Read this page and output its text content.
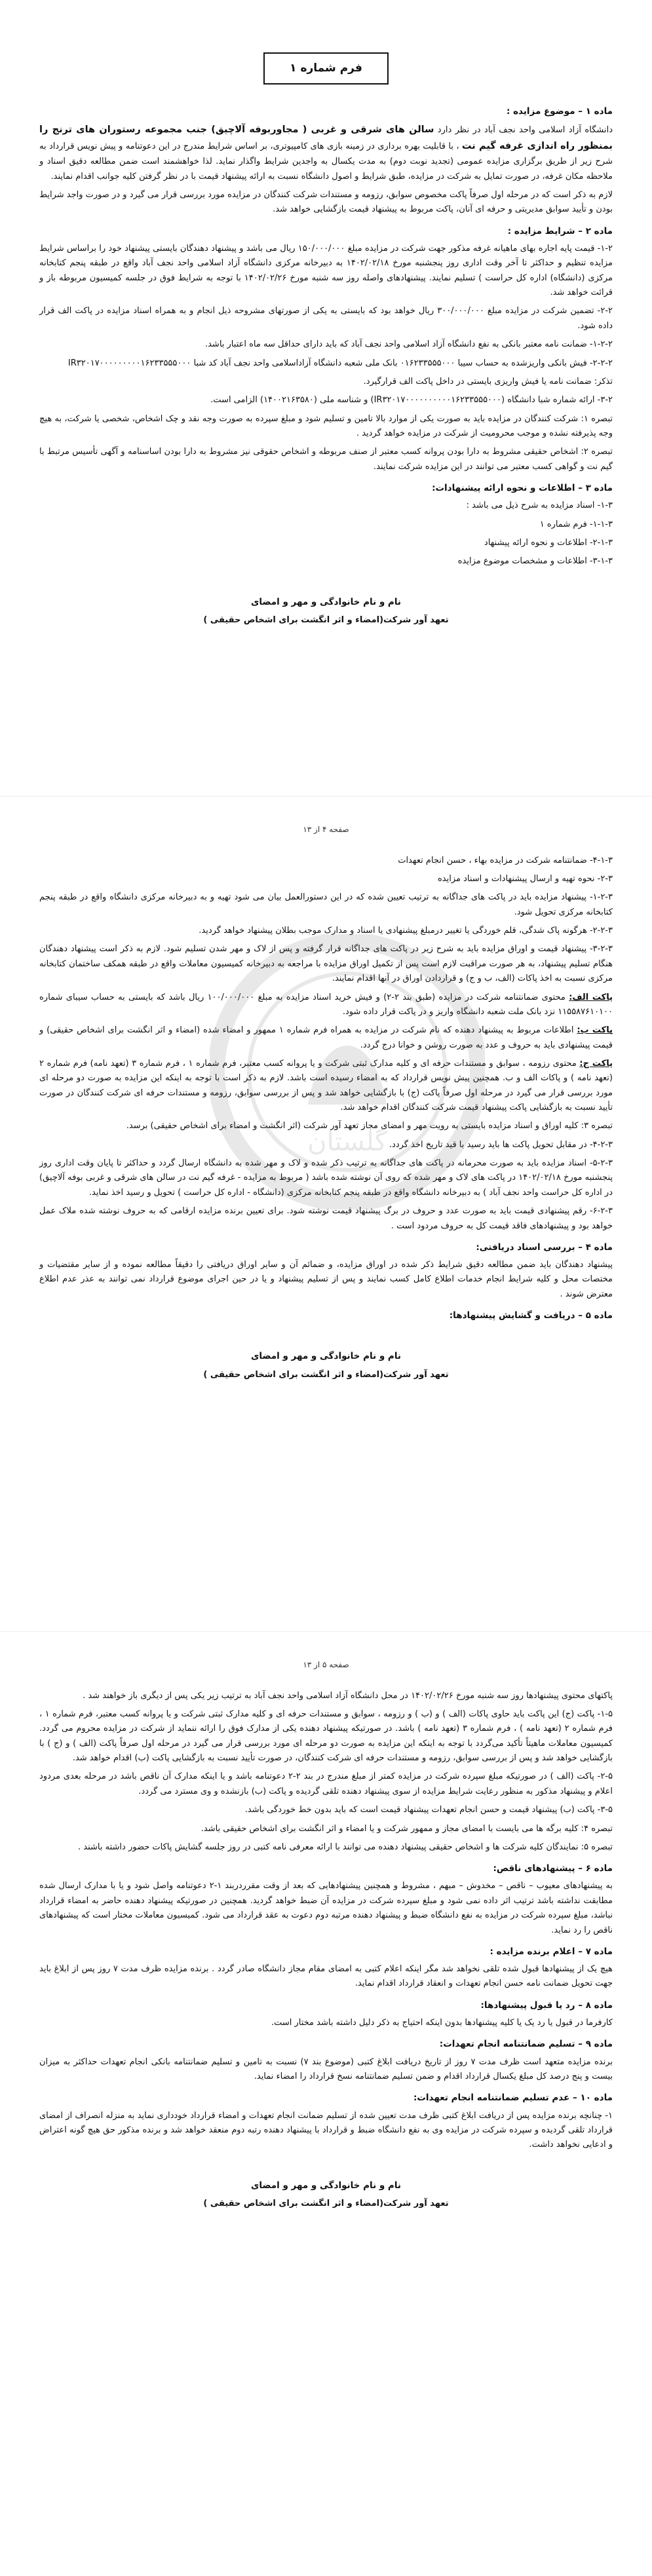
فرم شماره ۱
ماده ۱ – موضوع مزایده :

دانشگاه آزاد اسلامی واحد نجف آباد در نظر دارد سالن های شرقی و غربی ( مجاوربوفه آلاچیق) جنب مجموعه رستوران های ترنج را بمنظور راه اندازی غرفه گیم نت ، با قابلیت بهره برداری در زمینه بازی های کامپیوتری، بر اساس شرایط مندرج در این دعوتنامه و پیش نویس قرارداد به شرح زیر از طریق برگزاری مزایده عمومی (تجدید نوبت دوم) به مدت یکسال به واجدین شرایط واگذار نماید. لذا خواهشمند است ضمن مطالعه دقیق اسناد و ملاحظه مکان غرفه، در صورت تمایل به شرکت در مزایده، طبق شرایط و اصول دانشگاه نسبت به ارائه پیشنهاد قیمت با در نظر گرفتن کلیه جوانب اقدام نمایند.

لازم به ذکر است که در مرحله اول صرفاً پاکت مخصوص سوابق، رزومه و مستندات شرکت کنندگان در مزایده مورد بررسی قرار می گیرد و در صورت واجد شرایط بودن و تأیید سوابق مدیریتی و حرفه ای آنان، پاکت مربوط به پیشنهاد قیمت بازگشایی خواهد شد.

ماده ۲ – شرایط مزایده :

۱-۲- قیمت پایه اجاره بهای ماهیانه غرفه مذکور جهت شرکت در مزایده مبلغ ۱۵۰/۰۰۰/۰۰۰ ریال می باشد و پیشنهاد دهندگان بایستی پیشنهاد خود را براساس شرایط مزایده تنظیم و حداکثر تا آخر وقت اداری روز پنجشنبه مورخ ۱۴۰۲/۰۲/۱۸ به دبیرخانه مرکزی دانشگاه آزاد اسلامی واحد نجف آباد واقع در طبقه پنجم کتابخانه مرکزی (دانشگاه) اداره کل حراست ) تسلیم نمایند. پیشنهادهای واصله روز سه شنبه مورخ ۱۴۰۲/۰۲/۲۶ با توجه به شرایط فوق در جلسه کمیسیون مربوطه باز و قرائت خواهد شد.

۲-۲- تضمین شرکت در مزایده مبلغ ۳۰۰/۰۰۰/۰۰۰ ریال خواهد بود که بایستی به یکی از صورتهای مشروحه ذیل انجام و به همراه اسناد مزایده در پاکت الف قرار داده شود.

۱-۲-۲- ضمانت نامه معتبر بانکی به نفع دانشگاه آزاد اسلامی واحد نجف آباد که باید دارای حداقل سه ماه اعتبار باشد.

۲-۲-۲- فیش بانکی واریزشده به حساب سیبا ۰۱۶۲۳۳۵۵۵۰۰۰ بانک ملی شعبه دانشگاه آزاداسلامی واحد نجف آباد کد شبا IR۳۲۰۱۷۰۰۰۰۰۰۰۰۰۱۶۲۳۳۵۵۵۰۰۰

تذکر: ضمانت نامه یا فیش واریزی بایستی در داخل پاکت الف قرارگیرد.

۳-۲- ارائه شماره شبا دانشگاه (IR۳۲۰۱۷۰۰۰۰۰۰۰۰۰۰۱۶۲۳۳۵۵۵۰۰۰) و شناسه ملی (۱۴۰۰۲۱۶۳۵۸۰) الزامی است.

تبصره ۱: شرکت کنندگان در مزایده باید به صورت یکی از موارد بالا تامین و تسلیم شود و مبلغ سپرده به صورت وجه نقد و چک اشخاص، شخصی یا شرکت، به هیچ وجه پذیرفته نشده و موجب محرومیت از شرکت در مزایده خواهد گردید .

تبصره ۲: اشخاص حقیقی مشروط به دارا بودن پروانه کسب معتبر از صنف مربوطه و اشخاص حقوقی نیز مشروط به دارا بودن اساسنامه و آگهی تأسیس مرتبط با گیم نت و گواهی کسب معتبر می توانند در این مزایده شرکت نمایند.

ماده ۳ – اطلاعات و نحوه ارائه پیشنهادات:

۱-۳- اسناد مزایده به شرح ذیل می باشد :

۱-۱-۳- فرم شماره ۱

۲-۱-۳- اطلاعات و نحوه ارائه پیشنهاد

۳-۱-۳- اطلاعات و مشخصات موضوع مزایده

نام و نام خانوادگی و مهر و امضای
تعهد آور شرکت(امضاء و اثر انگشت برای اشخاص حقیقی )
گلستان
صفحه ۴ از ۱۳

۴-۱-۳- ضمانتنامه شرکت در مزایده بهاء ، حسن انجام تعهدات

۲-۳- نحوه تهیه و ارسال پیشنهادات و اسناد مزایده

۱-۲-۳- پیشنهاد مزایده باید در پاکت های جداگانه به ترتیب تعیین شده که در این دستورالعمل بیان می شود تهیه و به دبیرخانه مرکزی دانشگاه واقع در طبقه پنجم کتابخانه مرکزی تحویل شود.

۲-۲-۳- هرگونه پاک شدگی، قلم خوردگی یا تغییر درمبلغ پیشنهادی یا اسناد و مدارک موجب بطلان پیشنهاد خواهد گردید.

۳-۲-۳- پیشنهاد قیمت و اوراق مزایده باید به شرح زیر در پاکت های جداگانه قرار گرفته و پس از لاک و مهر شدن تسلیم شود. لازم به ذکر است پیشنهاد دهندگان هنگام تسلیم پیشنهاد، به هر صورت مراقبت لازم است پس از تکمیل اوراق مزایده با مراجعه به دبیرخانه کمیسیون معاملات واقع در طبقه همکف ساختمان کتابخانه مرکزی نسبت به اخذ پاکات (الف، ب و ج) و قراردادن اوراق در آنها اقدام نمایند.

پاکت الف: محتوی ضمانتنامه شرکت در مزایده (طبق بند ۲-۲) و فیش خرید اسناد مزایده به مبلغ ۱۰۰/۰۰۰/۰۰۰ ریال باشد که بایستی به حساب سیبای شماره ۱۱۵۵۸۷۶۱۰۱۰۰ نزد بانک ملت شعبه دانشگاه واریز و در پاکت قرار داده شود.

پاکت ب: اطلاعات مربوط به پیشنهاد دهنده که نام شرکت در مزایده به همراه فرم شماره ۱ ممهور و امضاء شده (امضاء و اثر انگشت برای اشخاص حقیقی) و قیمت پیشنهادی باید به حروف و عدد به صورت روشن و خوانا درج گردد.

پاکت ج: محتوی رزومه ، سوابق و مستندات حرفه ای و کلیه مدارک ثبتی شرکت و یا پروانه کسب معتبر، فرم شماره ۱ ، فرم شماره ۳ (تعهد نامه) فرم شماره ۲ (تعهد نامه ) و پاکات الف و ب. همچنین پیش نویس قرارداد که به امضاء رسیده است باشد. لازم به ذکر است با توجه به اینکه این مزایده به صورت دو مرحله ای مورد بررسی قرار می گیرد در مرحله اول صرفاً پاکت (ج) با بازگشایی خواهد شد و پس از بررسی سوابق، رزومه و مستندات حرفه ای شرکت کنندگان در صورت تأیید نسبت به بازگشایی پاکت پیشنهاد قیمت شرکت کنندگان اقدام خواهد شد.

تبصره ۳: کلیه اوراق و اسناد مزایده بایستی به رویت مهر و امضای مجاز تعهد آور شرکت (اثر انگشت و امضاء برای اشخاص حقیقی) برسد.

۴-۲-۳- در مقابل تحویل پاکت ها باید رسید با قید تاریخ اخذ گردد.

۵-۲-۳- اسناد مزایده باید به صورت محرمانه در پاکت های جداگانه به ترتیب ذکر شده و لاک و مهر شده به دانشگاه ارسال گردد و حداکثر تا پایان وقت اداری روز پنجشنبه مورخ ۱۴۰۲/۰۲/۱۸ در پاکت های لاک و مهر شده که روی آن نوشته شده باشد ( مربوط به مزایده - غرفه گیم نت در سالن های شرقی و غربی بوفه آلاچیق) در اداره کل حراست واحد نجف آباد ) به دبیرخانه دانشگاه واقع در طبقه پنجم کتابخانه مرکزی (دانشگاه - اداره کل حراست ) تحویل و رسید اخذ نماید.

۶-۲-۳- رقم پیشنهادی قیمت باید به صورت عدد و حروف در برگ پیشنهاد قیمت نوشته شود. برای تعیین برنده مزایده ارقامی که به حروف نوشته شده ملاک عمل خواهد بود و پیشنهادهای فاقد قیمت کل به حروف مردود است .

ماده ۴ – بررسی اسناد دریافتی:

پیشنهاد دهندگان باید ضمن مطالعه دقیق شرایط ذکر شده در اوراق مزایده، و ضمائم آن و سایر اوراق دریافتی را دقیقاً مطالعه نموده و از سایر مقتضیات و مختصات محل و کلیه شرایط انجام خدمات اطلاع کامل کسب نمایند و پس از تسلیم پیشنهاد و یا در حین اجرای موضوع قرارداد نمی توانند به عذر عدم اطلاع معترض شوند .

ماده ۵ – دریافت و گشایش پیشنهادها:
نام و نام خانوادگی و مهر و امضای
تعهد آور شرکت(امضاء و اثر انگشت برای اشخاص حقیقی )
صفحه ۵ از ۱۳

پاکتهای محتوی پیشنهادها روز سه شنبه مورخ ۱۴۰۲/۰۲/۲۶ در محل دانشگاه آزاد اسلامی واحد نجف آباد به ترتیب زیر یکی پس از دیگری باز خواهند شد .

۱-۵- پاکت (ج) این پاکت باید حاوی پاکات (الف ) و (ب ) و رزومه ، سوابق و مستندات حرفه ای و کلیه مدارک ثبتی شرکت و یا پروانه کسب معتبر، فرم شماره ۱ ، فرم شماره ۲ (تعهد نامه ) ، فرم شماره ۳ (تعهد نامه ) باشد. در صورتیکه پیشنهاد دهنده یکی از مدارک فوق را ارائه ننماید از شرکت در مزایده محروم می گردد. کمیسیون معاملات ماهیتاً تأکید می‌گردد با توجه به اینکه این مزایده به صورت دو مرحله ای مورد بررسی قرار می گیرد در مرحله اول صرفاً پاکت (الف ) و (ج ) با بازگشایی خواهد شد و پس از بررسی سوابق، رزومه و مستندات حرفه ای شرکت کنندگان، در صورت تأیید نسبت به بازگشایی پاکت (ب) اقدام خواهد شد.

۲-۵- پاکت (الف ) در صورتیکه مبلغ سپرده شرکت در مزایده کمتر از مبلغ مندرج در بند ۲-۲ دعوتنامه باشد و یا اینکه مدارک آن ناقص باشد در مرحله بعدی مردود اعلام و پیشنهاد مذکور به منظور رعایت شرایط مزایده از سوی پیشنهاد دهنده تلقی گردیده و پاکت (ب) بازنشده و وی مسترد می گردد.

۳-۵- پاکت (ب) پیشنهاد قیمت و حسن انجام تعهدات پیشنهاد قیمت است که باید بدون خط خوردگی باشد.

تبصره ۴: کلیه برگه ها می بایست با امضای مجاز و ممهور شرکت و یا امضاء و اثر انگشت برای اشخاص حقیقی باشد.

تبصره ۵: نمایندگان کلیه شرکت ها و اشخاص حقیقی پیشنهاد دهنده می توانند با ارائه معرفی نامه کتبی در روز جلسه گشایش پاکات حضور داشته باشند .

ماده ۶ – پیشنهادهای ناقص:

به پیشنهادهای معیوب – ناقص – مخدوش – مبهم ، مشروط و همچنین پیشنهادهایی که بعد از وقت مقرردربند ۱-۲ دعوتنامه واصل شود و یا با مدارک ارسال شده مطابقت نداشته باشد ترتیب اثر داده نمی شود و مبلغ سپرده شرکت در مزایده آن ضبط خواهد گردید. همچنین در صورتیکه پیشنهاد دهنده حاضر به امضاء قرارداد نباشد، مبلغ سپرده شرکت در مزایده به نفع دانشگاه ضبط و پیشنهاد دهنده مرتبه دوم دعوت به عقد قرارداد می شود. کمیسیون معاملات مختار است که پیشنهادهای ناقص را رد نماید.

ماده ۷ – اعلام برنده مزایده :

هیچ یک از پیشنهادها قبول شده تلقی نخواهد شد مگر اینکه اعلام کتبی به امضای مقام مجاز دانشگاه صادر گردد . برنده مزایده ظرف مدت ۷ روز پس از ابلاغ باید جهت تحویل ضمانت نامه حسن انجام تعهدات و انعقاد قرارداد اقدام نماید.

ماده ۸ – رد یا قبول پیشنهادها:

کارفرما در قبول یا رد یک یا کلیه پیشنهادها بدون اینکه احتیاج به ذکر دلیل داشته باشد مختار است.

ماده ۹ – تسلیم ضمانتنامه انجام تعهدات:

برنده مزایده متعهد است ظرف مدت ۷ روز از تاریخ دریافت ابلاغ کتبی (موضوع بند ۷) نسبت به تامین و تسلیم ضمانتنامه بانکی انجام تعهدات حداکثر به میزان بیست و پنج درصد کل مبلغ یکسال قرارداد اقدام و ضمن تسلیم ضمانتنامه نسخ قرارداد را امضاء نماید.

ماده ۱۰ – عدم تسلیم ضمانتنامه انجام تعهدات:

۱- چنانچه برنده مزایده پس از دریافت ابلاغ کتبی ظرف مدت تعیین شده از تسلیم ضمانت انجام تعهدات و امضاء قرارداد خودداری نماید به منزله انصراف از امضای قرارداد تلقی گردیده و سپرده شرکت در مزایده وی به نفع دانشگاه ضبط و قرارداد با پیشنهاد دهنده رتبه دوم منعقد خواهد شد و برنده مذکور حق هیچ گونه اعتراض و ادعایی نخواهد داشت.

نام و نام خانوادگی و مهر و امضای
تعهد آور شرکت(امضاء و اثر انگشت برای اشخاص حقیقی )
